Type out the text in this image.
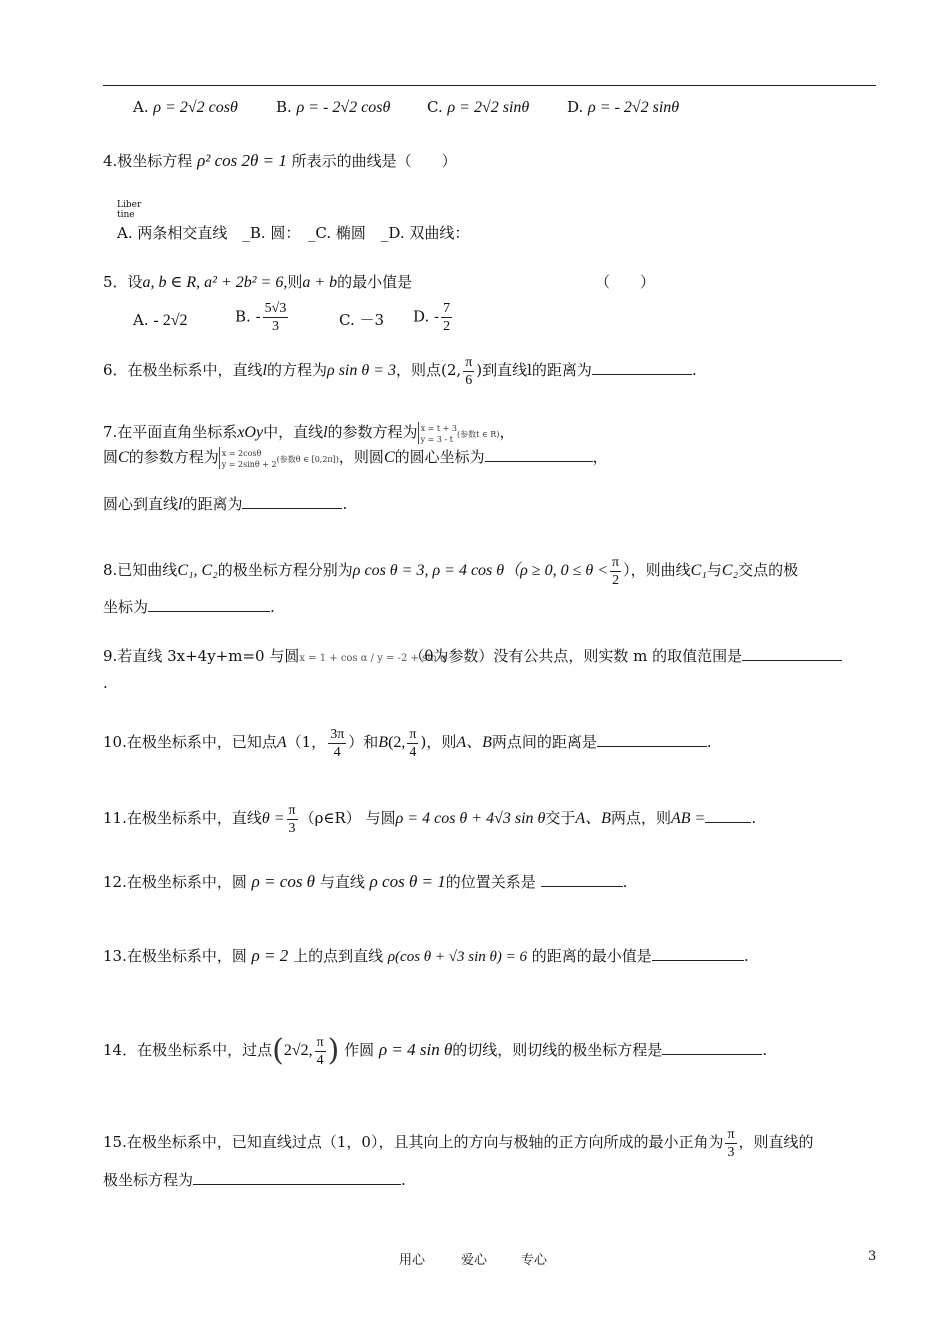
A. ρ = 2√2 cosθ	B. ρ = - 2√2 cosθ C. ρ = 2√2 sinθ	D. ρ = - 2√2 sinθ
4.极坐标方程 ρ² cos 2θ = 1 所表示的曲线是（　　）
Liber tine
A. 两条相交直线　_B. 圆：　_C. 椭圆　_D. 双曲线：
5．设a, b ∈ R, a² + 2b² = 6,则a + b的最小值是	（　　）
A. - 2√2	B. - $\frac{5√3}{3}$	C. －3 D. - $\frac{7}{2}$
6．在极坐标系中，直线l的方程为ρ sin θ = 3，则点(2, $\frac{\pi}{6}$ )到直线l的距离为	.
7.在平面直角坐标系xOy中，直线l的参数方程为 x = t + 3
y = 3 - t(参数t ∈ R)，
圆C的参数方程为 x = 2cosθ
y = 2sinθ + 2(参数θ ∈ [0,2π])，则圆C的圆心坐标为	，
圆心到直线l的距离为	.
8.已知曲线C₁, C₂的极坐标方程分别为ρ cos θ = 3, ρ = 4 cos θ（ρ ≥ 0, $0 \le \theta < \frac{\pi}{2}$ ），则曲线C₁与C₂交点的极
坐标为	.
9.若直线 3x+4y+m=0 与圆x = 1 + cos α / y = -2 + sin α（θ为参数）没有公共点，则实数 m 的取值范围是
.
10.在极坐标系中，已知点A（1， $\frac{3\pi}{4}$ ）和B(2, $\frac{\pi}{4}$ )，则A、B两点间的距离是	.
11.在极坐标系中，直线$\theta = \frac{\pi}{3}$ （ρ∈R） 与圆ρ = 4 cos θ + 4√3 sin θ交于A、B两点，则AB =	.
12.在极坐标系中，圆 ρ = cos θ 与直线 ρ cos θ = 1的位置关系是	.
13.在极坐标系中，圆 ρ = 2 上的点到直线 ρ(cos θ + √3 sin θ) = 6 的距离的最小值是	.
14．在极坐标系中，过点(2√2, $\frac{\pi}{4}$ ) 作圆 ρ = 4 sin θ的切线，则切线的极坐标方程是	.
15.在极坐标系中，已知直线过点（1，0），且其向上的方向与极轴的正方向所成的最小正角为 $\frac{\pi}{3}$ ，则直线的
极坐标方程为	.
用心	爱心	专心	3
